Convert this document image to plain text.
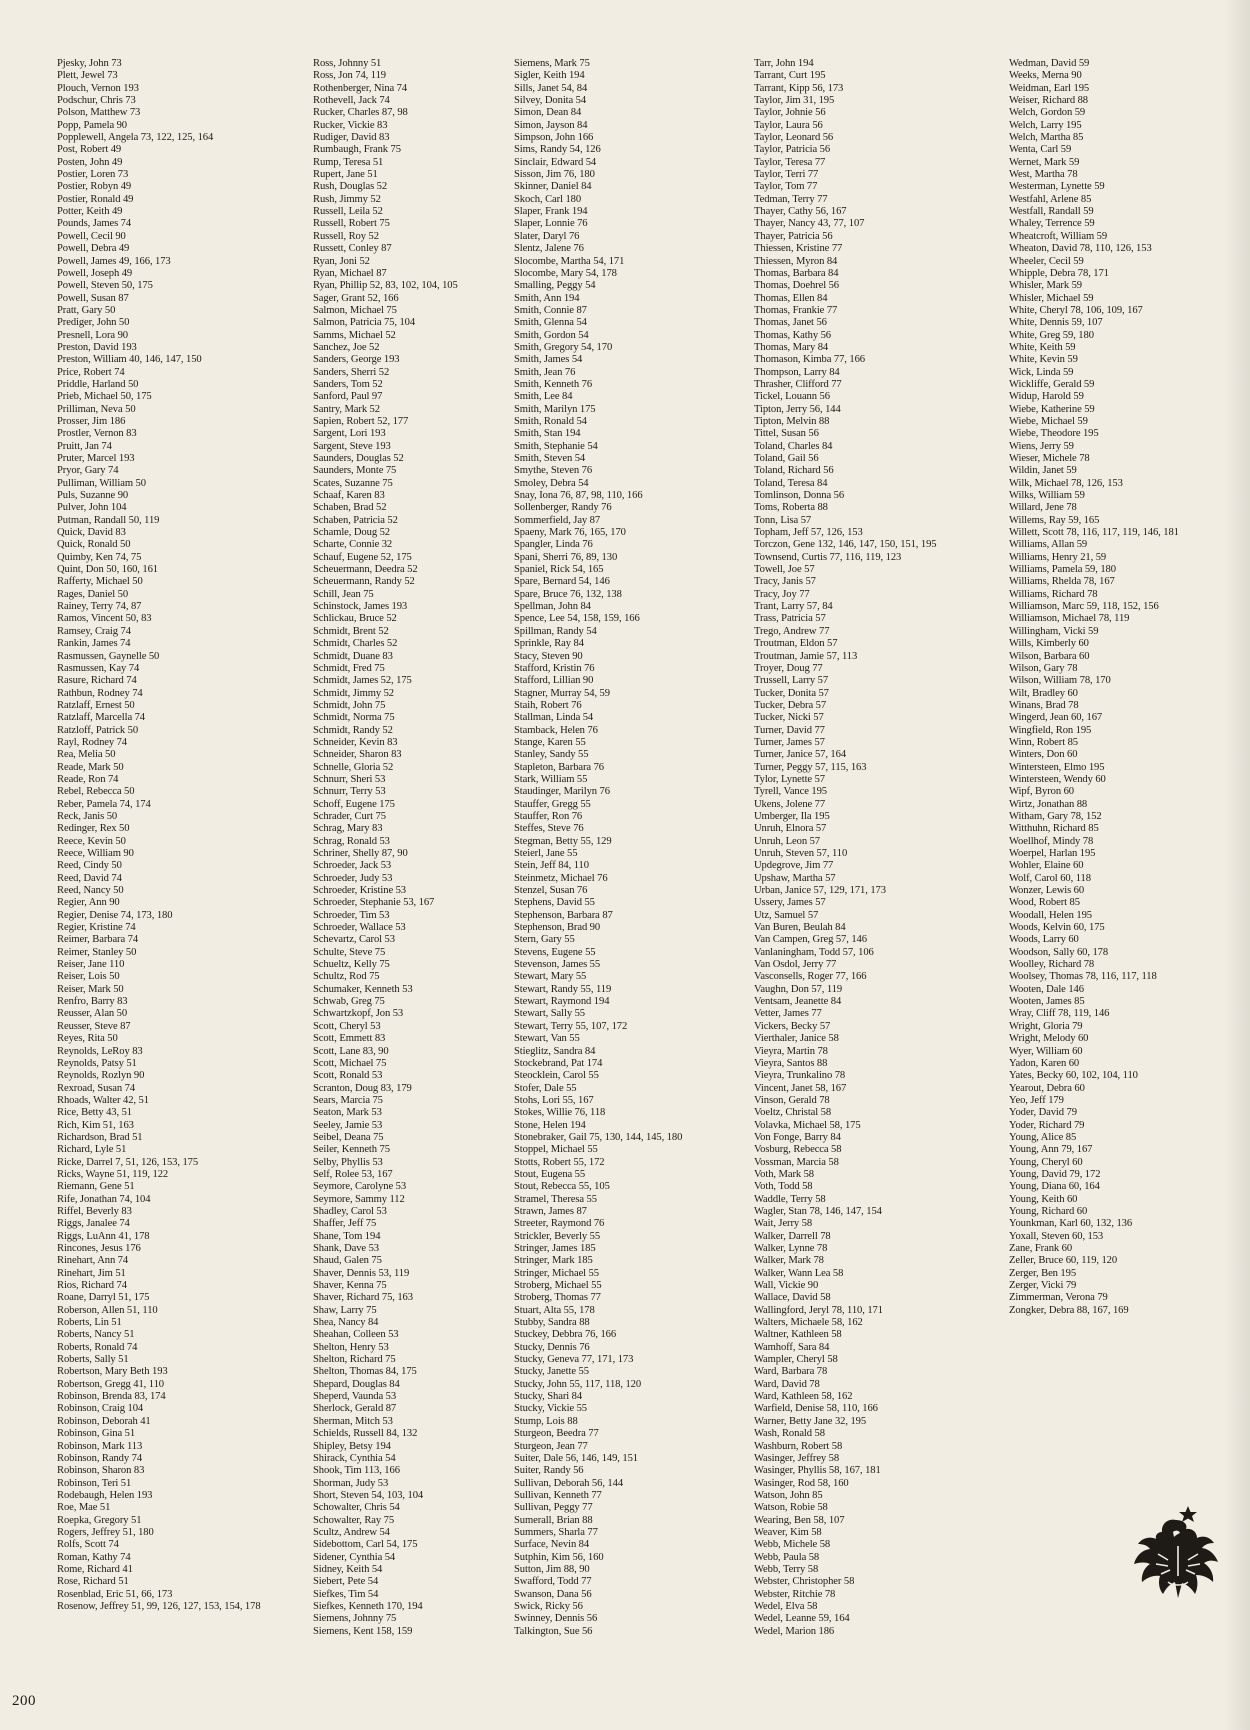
Pjesky, John 73
Plett, Jewel 73
Plouch, Vernon 193
Podschur, Chris 73
Polson, Matthew 73
Popp, Pamela 90
Popplewell, Angela 73, 122, 125, 164
Post, Robert 49
Posten, John 49
Postier, Loren 73
Postier, Robyn 49
Postier, Ronald 49
Potter, Keith 49
Pounds, James 74
Powell, Cecil 90
Powell, Debra 49
Powell, James 49, 166, 173
Powell, Joseph 49
Powell, Steven 50, 175
Powell, Susan 87
Pratt, Gary 50
Prediger, John 50
Presnell, Lora 90
Preston, David 193
Preston, William 40, 146, 147, 150
Price, Robert 74
Priddle, Harland 50
Prieb, Michael 50, 175
Prilliman, Neva 50
Prosser, Jim 186
Prostler, Vernon 83
Pruitt, Jan 74
Pruter, Marcel 193
Pryor, Gary 74
Pulliman, William 50
Puls, Suzanne 90
Pulver, John 104
Putman, Randall 50, 119
Quick, David 83
Quick, Ronald 50
Quimby, Ken 74, 75
Quint, Don 50, 160, 161
Rafferty, Michael 50
Rages, Daniel 50
Rainey, Terry 74, 87
Ramos, Vincent 50, 83
Ramsey, Craig 74
Rankin, James 74
Rasmussen, Gaynelle 50
Rasmussen, Kay 74
Rasure, Richard 74
Rathbun, Rodney 74
Ratzlaff, Ernest 50
Ratzlaff, Marcella 74
Ratzloff, Patrick 50
Rayl, Rodney 74
Rea, Melia 50
Reade, Mark 50
Reade, Ron 74
Rebel, Rebecca 50
Reber, Pamela 74, 174
Reck, Janis 50
Redinger, Rex 50
Reece, Kevin 50
Reece, William 90
Reed, Cindy 50
Reed, David 74
Reed, Nancy 50
Regier, Ann 90
Regier, Denise 74, 173, 180
Regier, Kristine 74
Reimer, Barbara 74
Reimer, Stanley 50
Reiser, Jane 110
Reiser, Lois 50
Reiser, Mark 50
Renfro, Barry 83
Reusser, Alan 50
Reusser, Steve 87
Reyes, Rita 50
Reynolds, LeRoy 83
Reynolds, Patsy 51
Reynolds, Rozlyn 90
Rexroad, Susan 74
Rhoads, Walter 42, 51
Rice, Betty 43, 51
Rich, Kim 51, 163
Richardson, Brad 51
Richard, Lyle 51
Ricke, Darrel 7, 51, 126, 153, 175
Ricks, Wayne 51, 119, 122
Riemann, Gene 51
Rife, Jonathan 74, 104
Riffel, Beverly 83
Riggs, Janalee 74
Riggs, LuAnn 41, 178
Rincones, Jesus 176
Rinehart, Ann 74
Rinehart, Jim 51
Rios, Richard 74
Roane, Darryl 51, 175
Roberson, Allen 51, 110
Roberts, Lin 51
Roberts, Nancy 51
Roberts, Ronald 74
Roberts, Sally 51
Robertson, Mary Beth 193
Robertson, Gregg 41, 110
Robinson, Brenda 83, 174
Robinson, Craig 104
Robinson, Deborah 41
Robinson, Gina 51
Robinson, Mark 113
Robinson, Randy 74
Robinson, Sharon 83
Robinson, Teri 51
Rodebaugh, Helen 193
Roe, Mae 51
Roepka, Gregory 51
Rogers, Jeffrey 51, 180
Rolfs, Scott 74
Roman, Kathy 74
Rome, Richard 41
Rose, Richard 51
Rosenblad, Eric 51, 66, 173
Rosenow, Jeffrey 51, 99, 126, 127, 153, 154, 178
Ross, Johnny 51
Ross, Jon 74, 119
Rothenberger, Nina 74
Rothevell, Jack 74
Rucker, Charles 87, 98
Rucker, Vickie 83
Rudiger, David 83
Rumbaugh, Frank 75
Rump, Teresa 51
Rupert, Jane 51
Rush, Douglas 52
Rush, Jimmy 52
Russell, Leila 52
Russell, Robert 75
Russell, Roy 52
Russett, Conley 87
Ryan, Joni 52
Ryan, Michael 87
Ryan, Phillip 52, 83, 102, 104, 105
Sager, Grant 52, 166
Salmon, Michael 75
Salmon, Patricia 75, 104
Samms, Michael 52
Sanchez, Joe 52
Sanders, George 193
Sanders, Sherri 52
Sanders, Tom 52
Sanford, Paul 97
Santry, Mark 52
Sapien, Robert 52, 177
Sargent, Lori 193
Sargent, Steve 193
Saunders, Douglas 52
Saunders, Monte 75
Scates, Suzanne 75
Schaaf, Karen 83
Schaben, Brad 52
Schaben, Patricia 52
Schamle, Doug 52
Scharte, Connie 32
Schauf, Eugene 52, 175
Scheuermann, Deedra 52
Scheuermann, Randy 52
Schill, Jean 75
Schinstock, James 193
Schlickau, Bruce 52
Schmidt, Brent 52
Schmidt, Charles 52
Schmidt, Duane 83
Schmidt, Fred 75
Schmidt, James 52, 175
Schmidt, Jimmy 52
Schmidt, John 75
Schmidt, Norma 75
Schmidt, Randy 52
Schneider, Kevin 83
Schneider, Sharon 83
Schnelle, Gloria 52
Schnurr, Sheri 53
Schnurr, Terry 53
Schoff, Eugene 175
Schrader, Curt 75
Schrag, Mary 83
Schrag, Ronald 53
Schriner, Shelly 87, 90
Schroeder, Jack 53
Schroeder, Judy 53
Schroeder, Kristine 53
Schroeder, Stephanie 53, 167
Schroeder, Tim 53
Schroeder, Wallace 53
Schevartz, Carol 53
Schulte, Steve 75
Schueltz, Kelly 75
Schultz, Rod 75
Schumaker, Kenneth 53
Schwab, Greg 75
Schwartzkopf, Jon 53
Scott, Cheryl 53
Scott, Emmett 83
Scott, Lane 83, 90
Scott, Michael 75
Scott, Ronald 53
Scranton, Doug 83, 179
Sears, Marcia 75
Seaton, Mark 53
Seeley, Jamie 53
Seibel, Deana 75
Seiler, Kenneth 75
Selby, Phyllis 53
Self, Rolee 53, 167
Seymore, Carolyne 53
Seymore, Sammy 112
Shadley, Carol 53
Shaffer, Jeff 75
Shane, Tom 194
Shank, Dave 53
Shaud, Galen 75
Shaver, Dennis 53, 119
Shaver, Kenna 75
Shaver, Richard 75, 163
Shaw, Larry 75
Shea, Nancy 84
Sheahan, Colleen 53
Shelton, Henry 53
Shelton, Richard 75
Shelton, Thomas 84, 175
Shepard, Douglas 84
Sheperd, Vaunda 53
Sherlock, Gerald 87
Sherman, Mitch 53
Schields, Russell 84, 132
Shipley, Betsy 194
Shirack, Cynthia 54
Shook, Tim 113, 166
Shorman, Judy 53
Short, Steven 54, 103, 104
Schowalter, Chris 54
Schowalter, Ray 75
Scultz, Andrew 54
Sidebottom, Carl 54, 175
Sidener, Cynthia 54
Sidney, Keith 54
Siebert, Pete 54
Siefkes, Tim 54
Siefkes, Kenneth 170, 194
Siemens, Johnny 75
Siemens, Kent 158, 159
Siemens, Mark 75
Sigler, Keith 194
Sills, Janet 54, 84
Silvey, Donita 54
Simon, Dean 84
Simon, Jayson 84
Simpson, John 166
Sims, Randy 54, 126
Sinclair, Edward 54
Sisson, Jim 76, 180
Skinner, Daniel 84
Skoch, Carl 180
Slaper, Frank 194
Slaper, Lonnie 76
Slater, Daryl 76
Slentz, Jalene 76
Slocombe, Martha 54, 171
Slocombe, Mary 54, 178
Smalling, Peggy 54
Smith, Ann 194
Smith, Connie 87
Smith, Glenna 54
Smith, Gordon 54
Smith, Gregory 54, 170
Smith, James 54
Smith, Jean 76
Smith, Kenneth 76
Smith, Lee 84
Smith, Marilyn 175
Smith, Ronald 54
Smith, Stan 194
Smith, Stephanie 54
Smith, Steven 54
Smythe, Steven 76
Smoley, Debra 54
Snay, Iona 76, 87, 98, 110, 166
Sollenberger, Randy 76
Sommerfield, Jay 87
Spaeny, Mark 76, 165, 170
Spangler, Linda 76
Spani, Sherri 76, 89, 130
Spaniel, Rick 54, 165
Spare, Bernard 54, 146
Spare, Bruce 76, 132, 138
Spellman, John 84
Spence, Lee 54, 158, 159, 166
Spillman, Randy 54
Sprinkle, Ray 84
Stacy, Steven 90
Stafford, Kristin 76
Stafford, Lillian 90
Stagner, Murray 54, 59
Staih, Robert 76
Stallman, Linda 54
Stamback, Helen 76
Stange, Karen 55
Stanley, Sandy 55
Stapleton, Barbara 76
Stark, William 55
Staudinger, Marilyn 76
Stauffer, Gregg 55
Stauffer, Ron 76
Steffes, Steve 76
Stegman, Betty 55, 129
Steierl, Jane 55
Stein, Jeff 84, 110
Steinmetz, Michael 76
Stenzel, Susan 76
Stephens, David 55
Stephenson, Barbara 87
Stephenson, Brad 90
Stern, Gary 55
Stevens, Eugene 55
Stevenson, James 55
Stewart, Mary 55
Stewart, Randy 55, 119
Stewart, Raymond 194
Stewart, Sally 55
Stewart, Terry 55, 107, 172
Stewart, Van 55
Stieglitz, Sandra 84
Stockebrand, Pat 174
Steocklein, Carol 55
Stofer, Dale 55
Stohs, Lori 55, 167
Stokes, Willie 76, 118
Stone, Helen 194
Stonebraker, Gail 75, 130, 144, 145, 180
Stoppel, Michael 55
Stotts, Robert 55, 172
Stout, Eugena 55
Stout, Rebecca 55, 105
Stramel, Theresa 55
Strawn, James 87
Streeter, Raymond 76
Strickler, Beverly 55
Stringer, James 185
Stringer, Mark 185
Stringer, Michael 55
Stroberg, Michael 55
Stroberg, Thomas 77
Stuart, Alta 55, 178
Stubby, Sandra 88
Stuckey, Debbra 76, 166
Stucky, Dennis 76
Stucky, Geneva 77, 171, 173
Stucky, Janette 55
Stucky, John 55, 117, 118, 120
Stucky, Shari 84
Stucky, Vickie 55
Stump, Lois 88
Sturgeon, Beedra 77
Sturgeon, Jean 77
Suiter, Dale 56, 146, 149, 151
Suiter, Randy 56
Sullivan, Deborah 56, 144
Sullivan, Kenneth 77
Sullivan, Peggy 77
Sumerall, Brian 88
Summers, Sharla 77
Surface, Nevin 84
Sutphin, Kim 56, 160
Sutton, Jim 88, 90
Swafford, Todd 77
Swanson, Dana 56
Swick, Ricky 56
Swinney, Dennis 56
Talkington, Sue 56
Tarr, John 194
Tarrant, Curt 195
Tarrant, Kipp 56, 173
Taylor, Jim 31, 195
Taylor, Johnie 56
Taylor, Laura 56
Taylor, Leonard 56
Taylor, Patricia 56
Taylor, Teresa 77
Taylor, Terri 77
Taylor, Tom 77
Tedman, Terry 77
Thayer, Cathy 56, 167
Thayer, Nancy 43, 77, 107
Thayer, Patricia 56
Thiessen, Kristine 77
Thiessen, Myron 84
Thomas, Barbara 84
Thomas, Doehrel 56
Thomas, Ellen 84
Thomas, Frankie 77
Thomas, Janet 56
Thomas, Kathy 56
Thomas, Mary 84
Thomason, Kimba 77, 166
Thompson, Larry 84
Thrasher, Clifford 77
Tickel, Louann 56
Tipton, Jerry 56, 144
Tipton, Melvin 88
Tittel, Susan 56
Toland, Charles 84
Toland, Gail 56
Toland, Richard 56
Toland, Teresa 84
Tomlinson, Donna 56
Toms, Roberta 88
Tonn, Lisa 57
Topham, Jeff 57, 126, 153
Torczon, Gene 132, 146, 147, 150, 151, 195
Townsend, Curtis 77, 116, 119, 123
Towell, Joe 57
Tracy, Janis 57
Tracy, Joy 77
Trant, Larry 57, 84
Trass, Patricia 57
Trego, Andrew 77
Troutman, Eldon 57
Troutman, Jamie 57, 113
Troyer, Doug 77
Trussell, Larry 57
Tucker, Donita 57
Tucker, Debra 57
Tucker, Nicki 57
Turner, David 77
Turner, James 57
Turner, Janice 57, 164
Turner, Peggy 57, 115, 163
Tylor, Lynette 57
Tyrell, Vance 195
Ukens, Jolene 77
Umberger, Ila 195
Unruh, Elnora 57
Unruh, Leon 57
Unruh, Steven 57, 110
Updegrove, Jim 77
Upshaw, Martha 57
Urban, Janice 57, 129, 171, 173
Ussery, James 57
Utz, Samuel 57
Van Buren, Beulah 84
Van Campen, Greg 57, 146
Vanlaningham, Todd 57, 106
Van Osdol, Jerry 77
Vasconsells, Roger 77, 166
Vaughn, Don 57, 119
Ventsam, Jeanette 84
Vetter, James 77
Vickers, Becky 57
Vierthaler, Janice 58
Vieyra, Martin 78
Vieyra, Santos 88
Vieyra, Trunkalino 78
Vincent, Janet 58, 167
Vinson, Gerald 78
Voeltz, Christal 58
Volavka, Michael 58, 175
Von Fonge, Barry 84
Vosburg, Rebecca 58
Vossman, Marcia 58
Voth, Mark 58
Voth, Todd 58
Waddle, Terry 58
Wagler, Stan 78, 146, 147, 154
Wait, Jerry 58
Walker, Darrell 78
Walker, Lynne 78
Walker, Mark 78
Walker, Wann Lea 58
Wall, Vickie 90
Wallace, David 58
Wallingford, Jeryl 78, 110, 171
Walters, Michaele 58, 162
Waltner, Kathleen 58
Wamhoff, Sara 84
Wampler, Cheryl 58
Ward, Barbara 78
Ward, David 78
Ward, Kathleen 58, 162
Warfield, Denise 58, 110, 166
Warner, Betty Jane 32, 195
Wash, Ronald 58
Washburn, Robert 58
Wasinger, Jeffrey 58
Wasinger, Phyllis 58, 167, 181
Wasinger, Rod 58, 160
Watson, John 85
Watson, Robie 58
Wearing, Ben 58, 107
Weaver, Kim 58
Webb, Michele 58
Webb, Paula 58
Webb, Terry 58
Webster, Christopher 58
Webster, Ritchie 78
Wedel, Elva 58
Wedel, Leanne 59, 164
Wedel, Marion 186
Wedman, David 59
Weeks, Merna 90
Weidman, Earl 195
Weiser, Richard 88
Welch, Gordon 59
Welch, Larry 195
Welch, Martha 85
Wenta, Carl 59
Wernet, Mark 59
West, Martha 78
Westerman, Lynette 59
Westfahl, Arlene 85
Westfall, Randall 59
Whaley, Terrence 59
Wheatcroft, William 59
Wheaton, David 78, 110, 126, 153
Wheeler, Cecil 59
Whipple, Debra 78, 171
Whisler, Mark 59
Whisler, Michael 59
White, Cheryl 78, 106, 109, 167
White, Dennis 59, 107
White, Greg 59, 180
White, Keith 59
White, Kevin 59
Wick, Linda 59
Wickliffe, Gerald 59
Widup, Harold 59
Wiebe, Katherine 59
Wiebe, Michael 59
Wiebe, Theodore 195
Wiens, Jerry 59
Wieser, Michele 78
Wildin, Janet 59
Wilk, Michael 78, 126, 153
Wilks, William 59
Willard, Jene 78
Willems, Ray 59, 165
Willett, Scott 78, 116, 117, 119, 146, 181
Williams, Allan 59
Williams, Henry 21, 59
Williams, Pamela 59, 180
Williams, Rhelda 78, 167
Williams, Richard 78
Williamson, Marc 59, 118, 152, 156
Williamson, Michael 78, 119
Willingham, Vicki 59
Wills, Kimberly 60
Wilson, Barbara 60
Wilson, Gary 78
Wilson, William 78, 170
Wilt, Bradley 60
Winans, Brad 78
Wingerd, Jean 60, 167
Wingfield, Ron 195
Winn, Robert 85
Winters, Don 60
Wintersteen, Elmo 195
Wintersteen, Wendy 60
Wipf, Byron 60
Wirtz, Jonathan 88
Witham, Gary 78, 152
Witthuhn, Richard 85
Woellhof, Mindy 78
Woerpel, Harlan 195
Wohler, Elaine 60
Wolf, Carol 60, 118
Wonzer, Lewis 60
Wood, Robert 85
Woodall, Helen 195
Woods, Kelvin 60, 175
Woods, Larry 60
Woodson, Sally 60, 178
Woolley, Richard 78
Woolsey, Thomas 78, 116, 117, 118
Wooten, Dale 146
Wooten, James 85
Wray, Cliff 78, 119, 146
Wright, Gloria 79
Wright, Melody 60
Wyer, William 60
Yadon, Karen 60
Yates, Becky 60, 102, 104, 110
Yearout, Debra 60
Yeo, Jeff 179
Yoder, David 79
Yoder, Richard 79
Young, Alice 85
Young, Ann 79, 167
Young, Cheryl 60
Young, David 79, 172
Young, Diana 60, 164
Young, Keith 60
Young, Richard 60
Younkman, Karl 60, 132, 136
Yoxall, Steven 60, 153
Zane, Frank 60
Zeller, Bruce 60, 119, 120
Zerger, Ben 195
Zerger, Vicki 79
Zimmerman, Verona 79
Zongker, Debra 88, 167, 169
200
